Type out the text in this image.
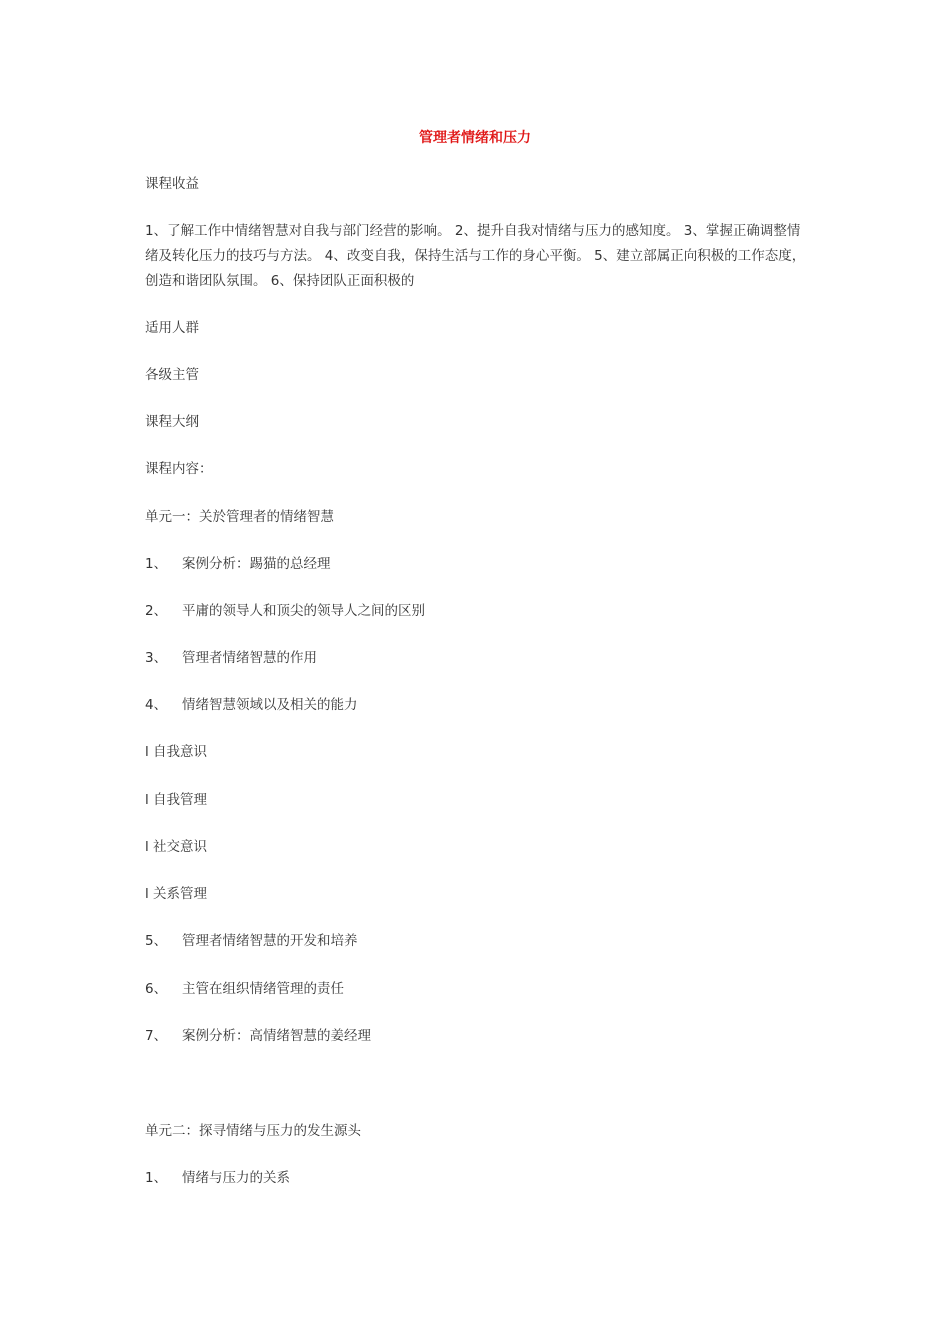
管理者情绪和压力

课程收益

1、了解工作中情绪智慧对自我与部门经营的影响。 2、提升自我对情绪与压力的感知度。 3、掌握正确调整情绪及转化压力的技巧与方法。 4、改变自我，保持生活与工作的身心平衡。 5、建立部属正向积极的工作态度，创造和谐团队氛围。 6、保持团队正面积极的

适用人群

各级主管

课程大纲

课程内容：

单元一：关於管理者的情绪智慧

1、 案例分析：踢猫的总经理

2、 平庸的领导人和顶尖的领导人之间的区别

3、 管理者情绪智慧的作用

4、 情绪智慧领域以及相关的能力

l 自我意识

l 自我管理

l 社交意识

l 关系管理

5、 管理者情绪智慧的开发和培养

6、 主管在组织情绪管理的责任

7、 案例分析：高情绪智慧的姜经理

单元二：探寻情绪与压力的发生源头

1、 情绪与压力的关系
